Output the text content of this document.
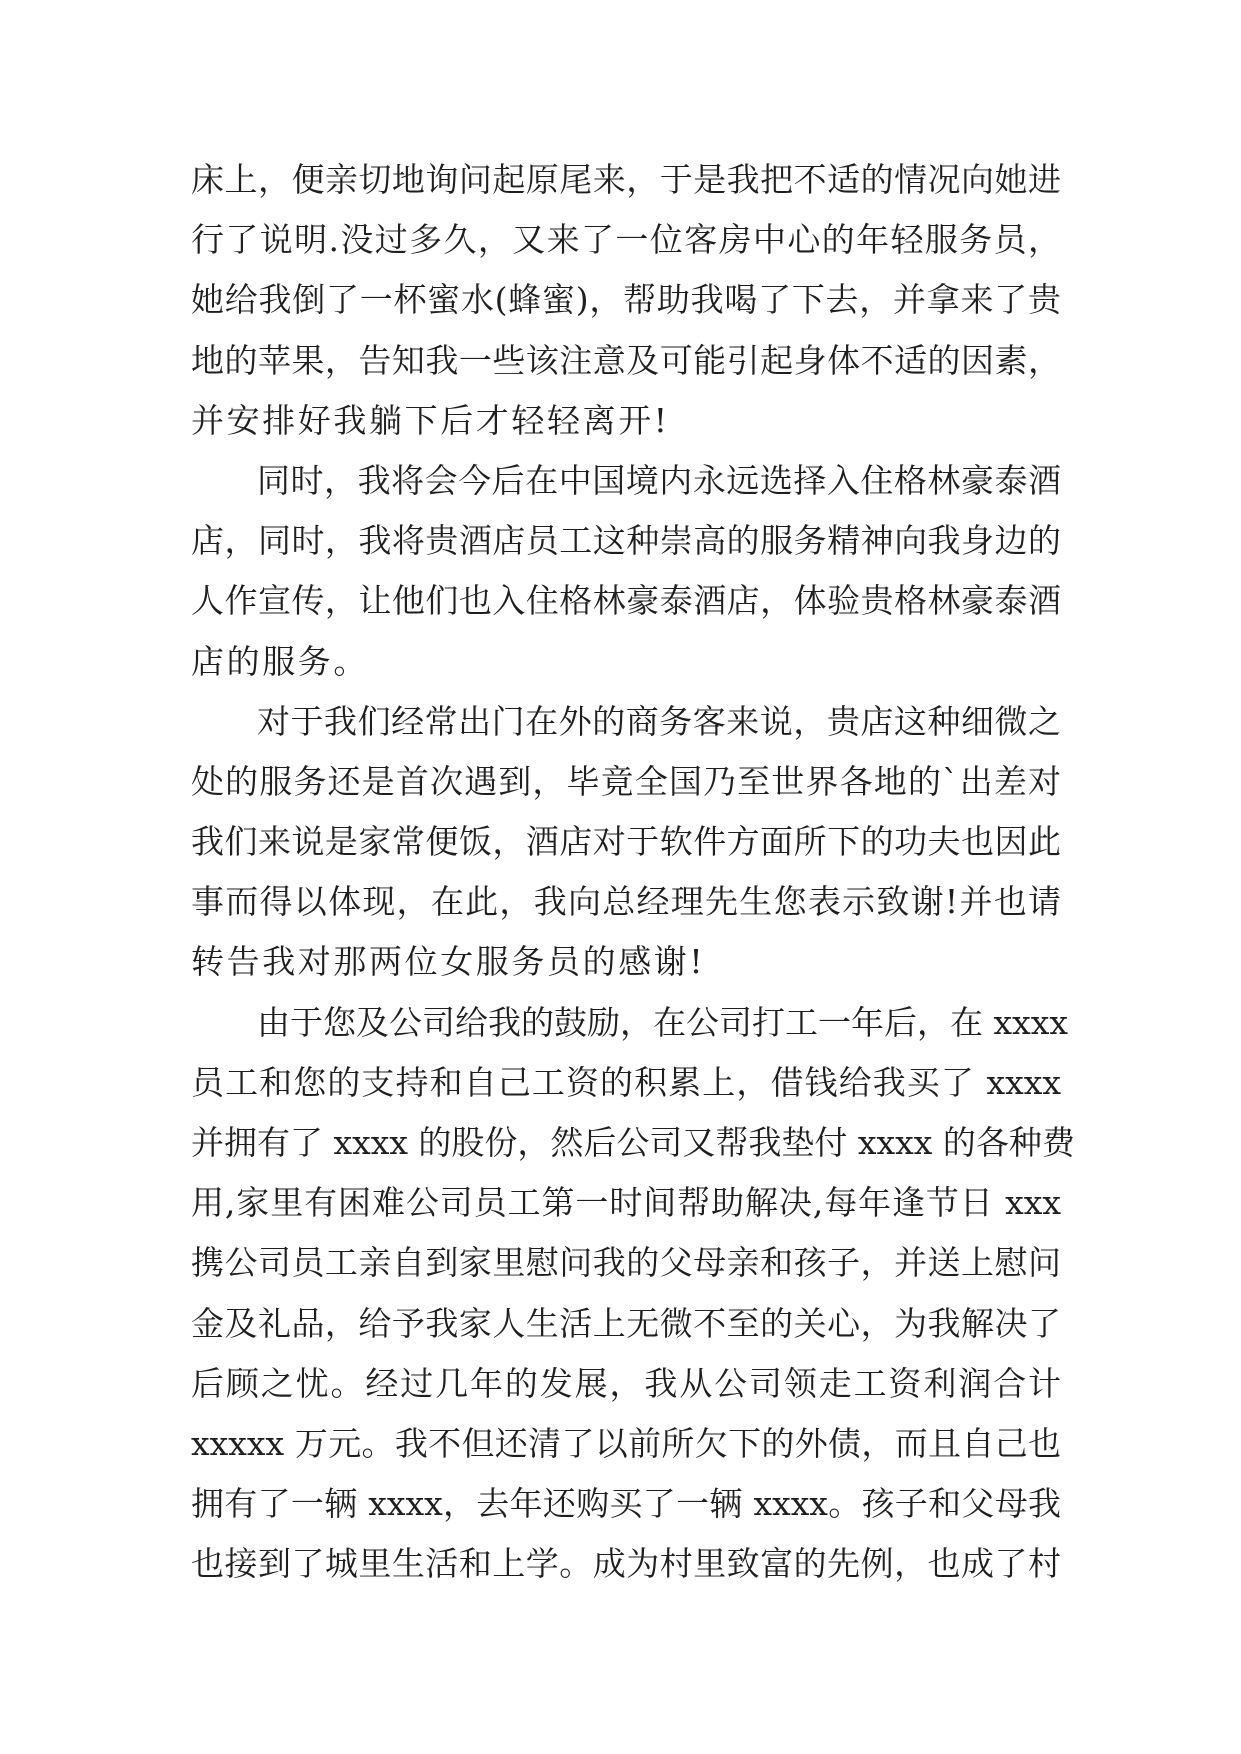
床上，便亲切地询问起原尾来，于是我把不适的情况向她进
行了说明.没过多久，又来了一位客房中心的年轻服务员，
她给我倒了一杯蜜水(蜂蜜)，帮助我喝了下去，并拿来了贵
地的苹果，告知我一些该注意及可能引起身体不适的因素，
并安排好我躺下后才轻轻离开!
同时，我将会今后在中国境内永远选择入住格林豪泰酒
店，同时，我将贵酒店员工这种崇高的服务精神向我身边的
人作宣传，让他们也入住格林豪泰酒店，体验贵格林豪泰酒
店的服务。
对于我们经常出门在外的商务客来说，贵店这种细微之
处的服务还是首次遇到，毕竟全国乃至世界各地的`出差对
我们来说是家常便饭，酒店对于软件方面所下的功夫也因此
事而得以体现，在此，我向总经理先生您表示致谢!并也请
转告我对那两位女服务员的感谢!
由于您及公司给我的鼓励，在公司打工一年后，在 xxxx
员工和您的支持和自己工资的积累上，借钱给我买了 xxxx
并拥有了 xxxx 的股份，然后公司又帮我垫付 xxxx 的各种费
用,家里有困难公司员工第一时间帮助解决,每年逢节日 xxx
携公司员工亲自到家里慰问我的父母亲和孩子，并送上慰问
金及礼品，给予我家人生活上无微不至的关心，为我解决了
后顾之忧。经过几年的发展，我从公司领走工资利润合计
xxxxx 万元。我不但还清了以前所欠下的外债，而且自己也
拥有了一辆 xxxx，去年还购买了一辆 xxxx。孩子和父母我
也接到了城里生活和上学。成为村里致富的先例，也成了村
